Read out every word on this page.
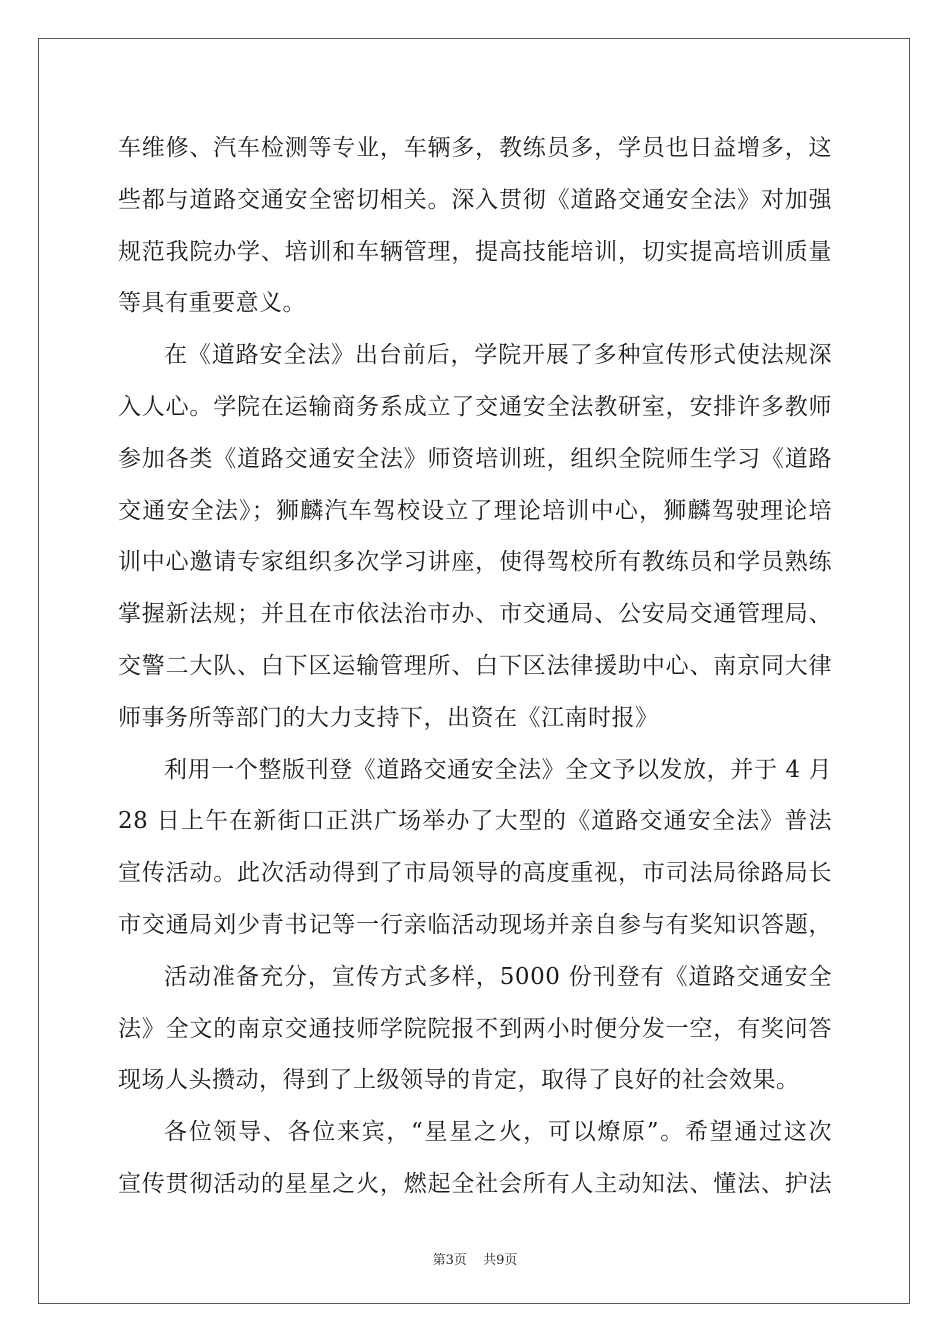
车维修、汽车检测等专业，车辆多，教练员多，学员也日益增多，这
些都与道路交通安全密切相关。深入贯彻《道路交通安全法》对加强
规范我院办学、培训和车辆管理，提高技能培训，切实提高培训质量
等具有重要意义。
在《道路安全法》出台前后，学院开展了多种宣传形式使法规深
入人心。学院在运输商务系成立了交通安全法教研室，安排许多教师
参加各类《道路交通安全法》师资培训班，组织全院师生学习《道路
交通安全法》；狮麟汽车驾校设立了理论培训中心，狮麟驾驶理论培
训中心邀请专家组织多次学习讲座，使得驾校所有教练员和学员熟练
掌握新法规；并且在市依法治市办、市交通局、公安局交通管理局、
交警二大队、白下区运输管理所、白下区法律援助中心、南京同大律
师事务所等部门的大力支持下，出资在《江南时报》
利用一个整版刊登《道路交通安全法》全文予以发放，并于 4 月
28 日上午在新街口正洪广场举办了大型的《道路交通安全法》普法
宣传活动。此次活动得到了市局领导的高度重视，市司法局徐路局长
市交通局刘少青书记等一行亲临活动现场并亲自参与有奖知识答题，
活动准备充分，宣传方式多样，5000 份刊登有《道路交通安全
法》全文的南京交通技师学院院报不到两小时便分发一空，有奖问答
现场人头攒动，得到了上级领导的肯定，取得了良好的社会效果。
各位领导、各位来宾，“星星之火，可以燎原”。希望通过这次
宣传贯彻活动的星星之火，燃起全社会所有人主动知法、懂法、护法
第3页 共9页
